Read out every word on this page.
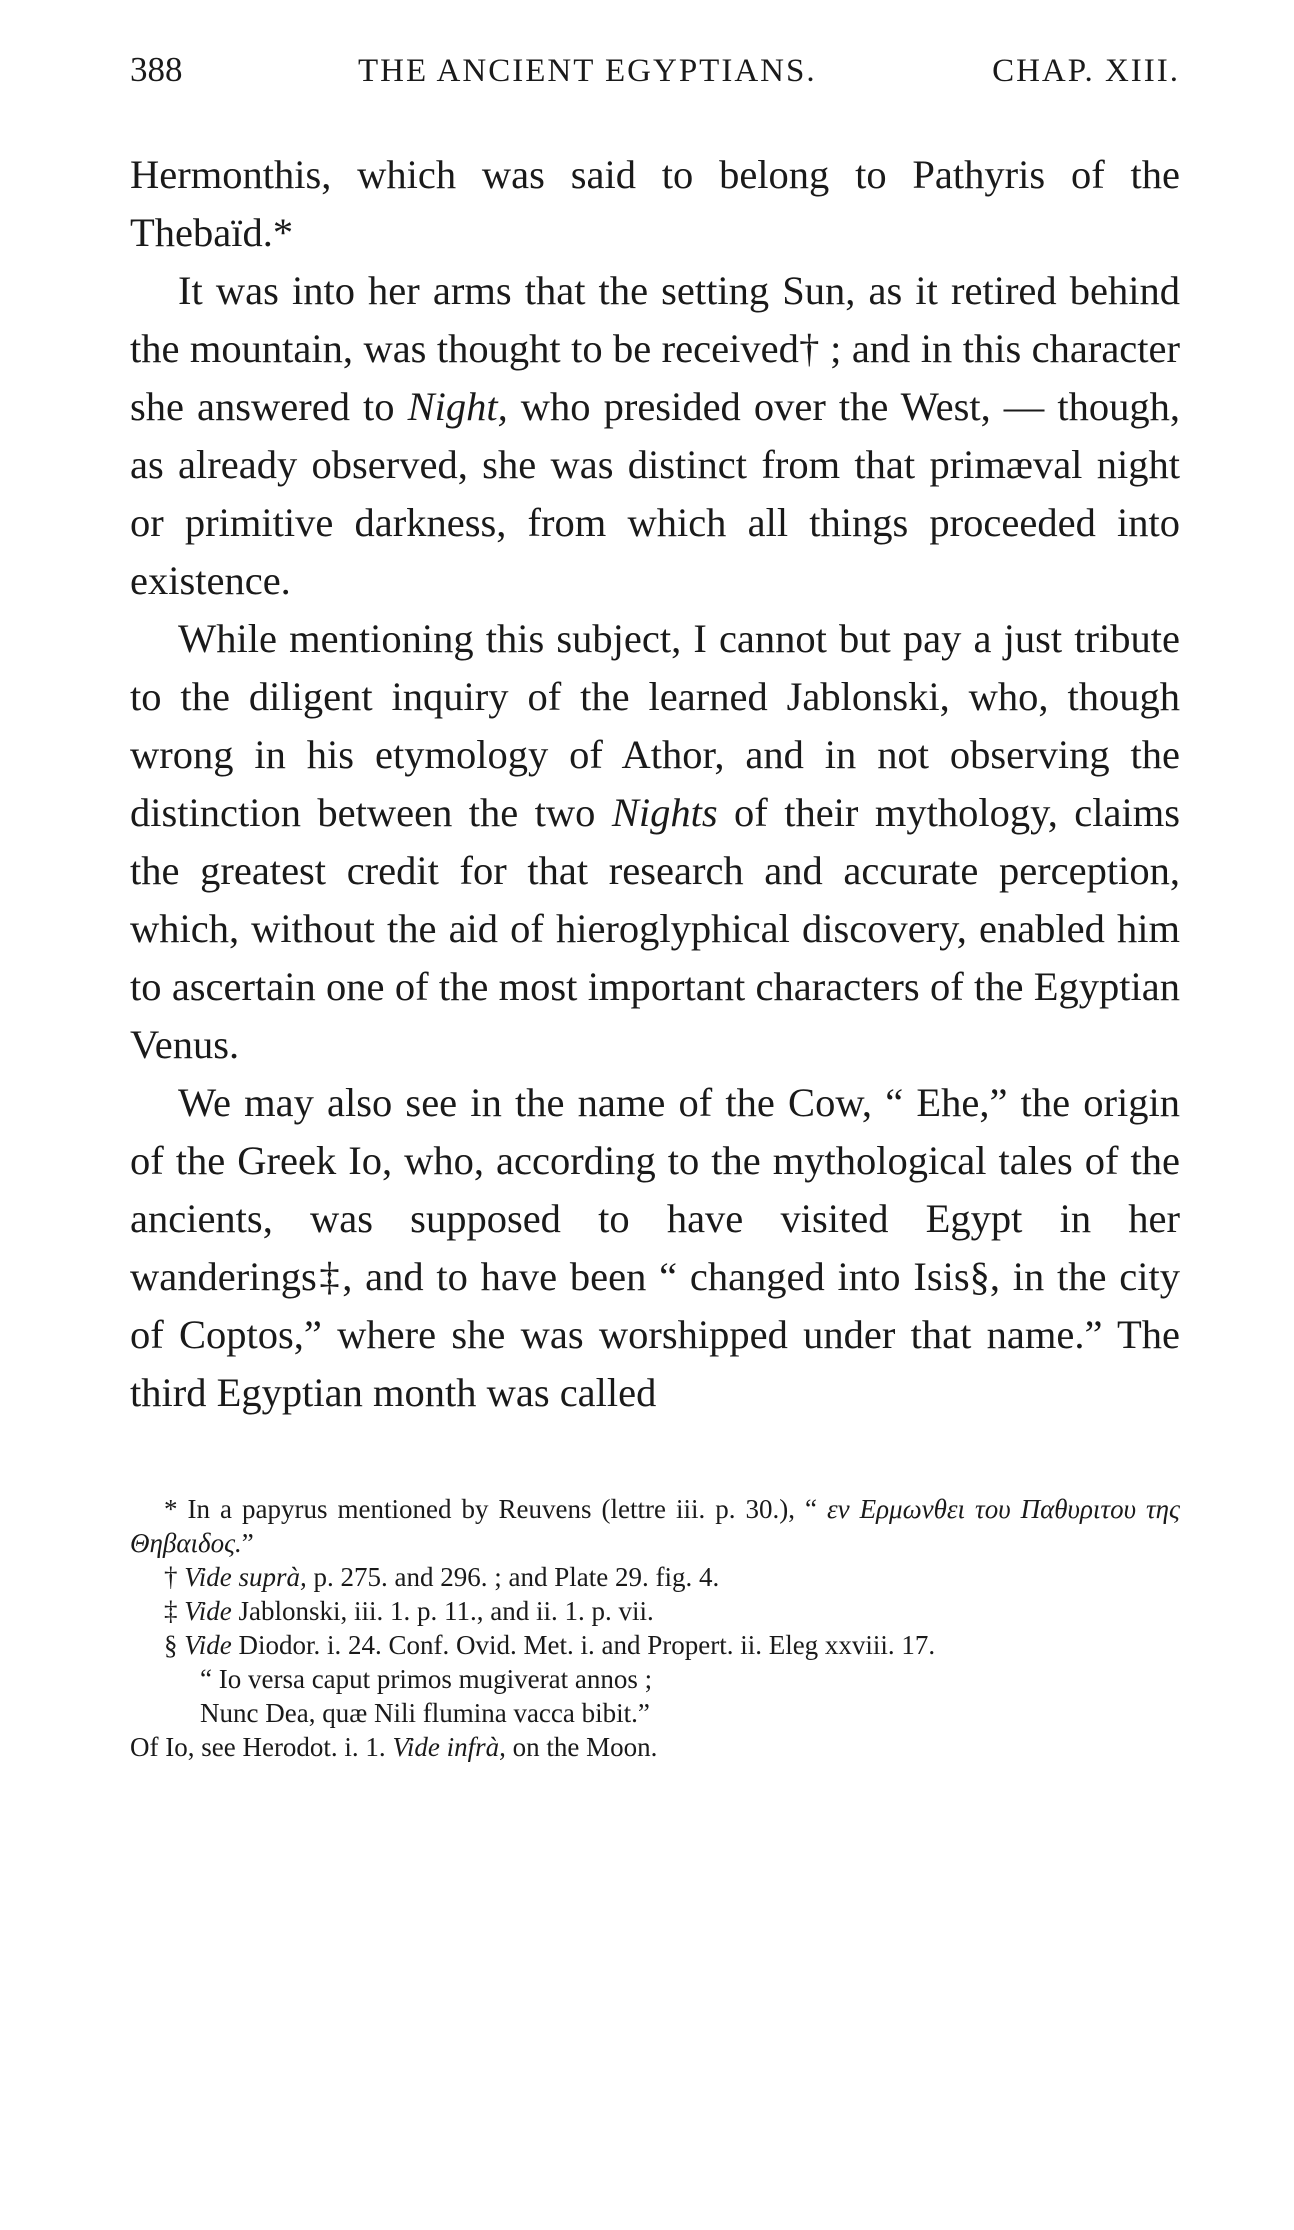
388	THE ANCIENT EGYPTIANS.	CHAP. XIII.

Hermonthis, which was said to belong to Pathyris of the Thebaïd.*

It was into her arms that the setting Sun, as it retired behind the mountain, was thought to be received† ; and in this character she answered to Night, who presided over the West, — though, as already observed, she was distinct from that primæval night or primitive darkness, from which all things proceeded into existence.

While mentioning this subject, I cannot but pay a just tribute to the diligent inquiry of the learned Jablonski, who, though wrong in his etymology of Athor, and in not observing the distinction between the two Nights of their mythology, claims the greatest credit for that research and accurate perception, which, without the aid of hieroglyphical discovery, enabled him to ascertain one of the most important characters of the Egyptian Venus.

We may also see in the name of the Cow, “ Ehe,” the origin of the Greek Io, who, according to the mythological tales of the ancients, was supposed to have visited Egypt in her wanderings‡, and to have been “ changed into Isis§, in the city of Coptos,” where she was worshipped under that name.” The third Egyptian month was called

* In a papyrus mentioned by Reuvens (lettre iii. p. 30.), “ εν Ερμωνθει του Παθυριτου της Θηβαιδος.”

† Vide suprà, p. 275. and 296. ; and Plate 29. fig. 4.

‡ Vide Jablonski, iii. 1. p. 11., and ii. 1. p. vii.

§ Vide Diodor. i. 24. Conf. Ovid. Met. i. and Propert. ii. Eleg xxviii. 17.

“ Io versa caput primos mugiverat annos ;

Nunc Dea, quæ Nili flumina vacca bibit.”

Of Io, see Herodot. i. 1. Vide infrà, on the Moon.
